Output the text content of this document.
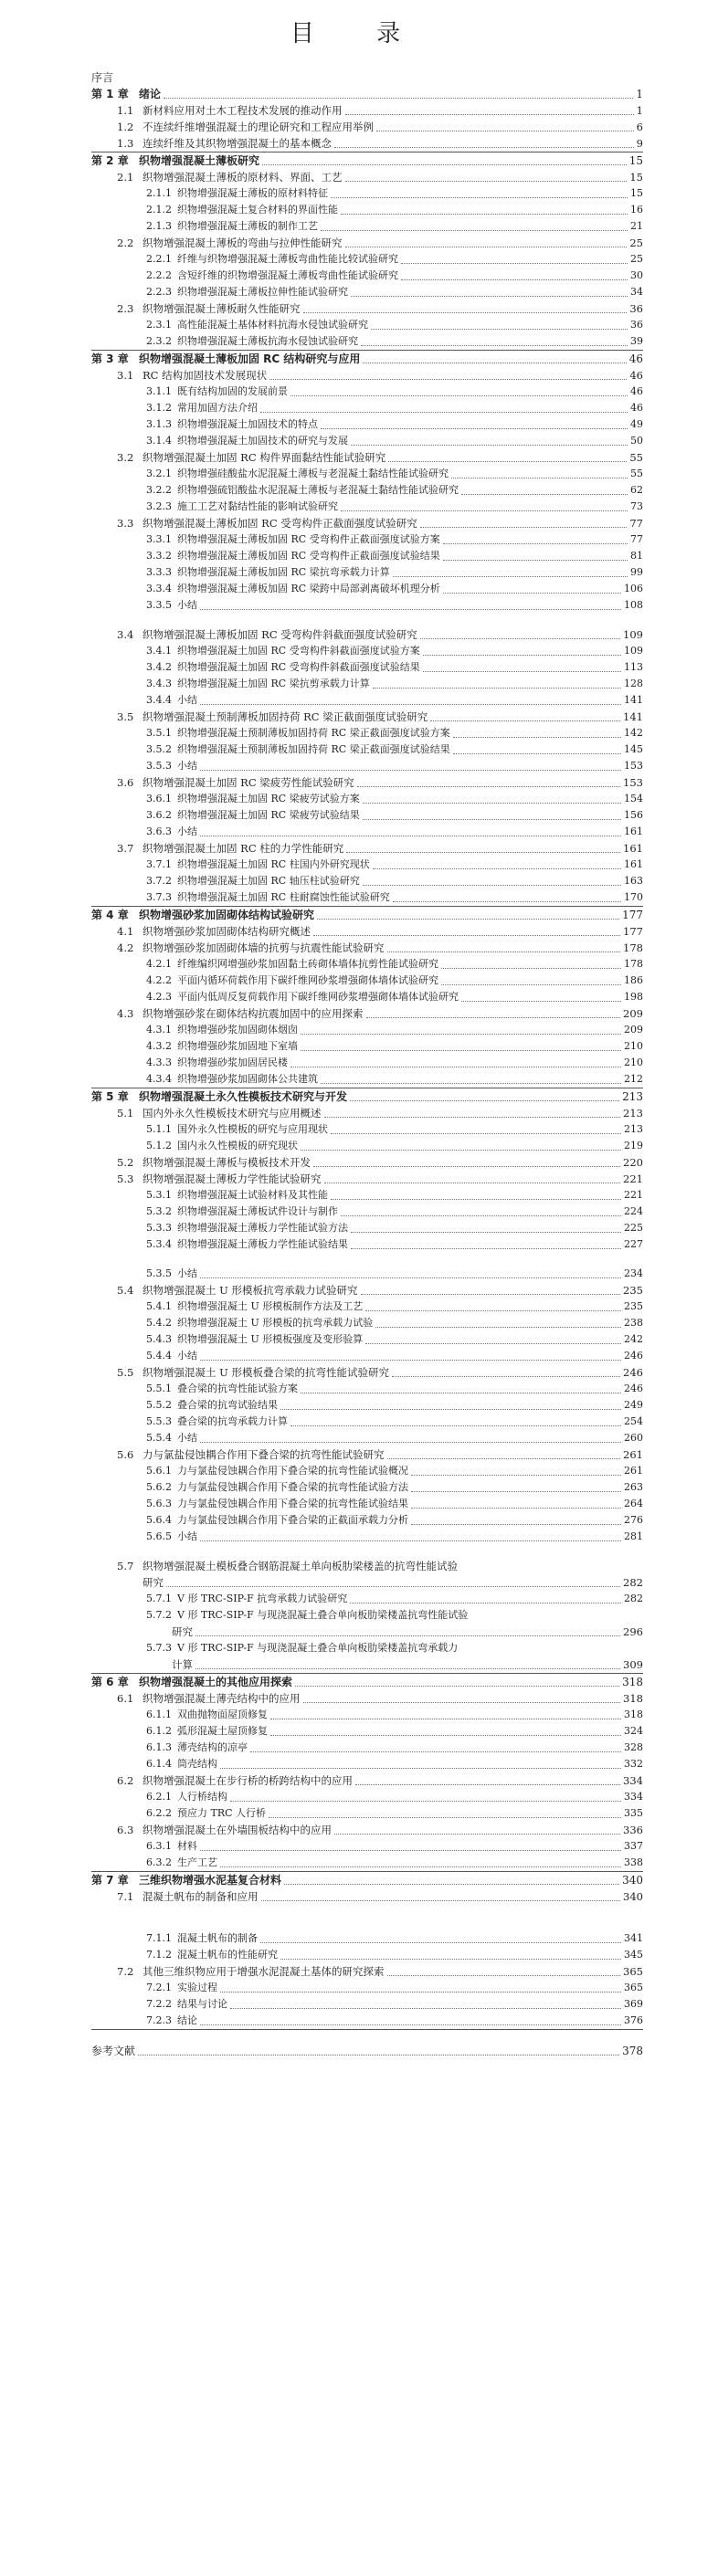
目 录
序言
第 1 章 绪论	1
1.1 新材料应用对土木工程技术发展的推动作用	1
1.2 不连续纤维增强混凝土的理论研究和工程应用举例	6
1.3 连续纤维及其织物增强混凝土的基本概念	9
第 2 章 织物增强混凝土薄板研究	15
2.1 织物增强混凝土薄板的原材料、界面、工艺	15
2.1.1 织物增强混凝土薄板的原材料特征	15
2.1.2 织物增强混凝土复合材料的界面性能	16
2.1.3 织物增强混凝土薄板的制作工艺	21
2.2 织物增强混凝土薄板的弯曲与拉伸性能研究	25
2.2.1 纤维与织物增强混凝土薄板弯曲性能比较试验研究	25
2.2.2 含短纤维的织物增强混凝土薄板弯曲性能试验研究	30
2.2.3 织物增强混凝土薄板拉伸性能试验研究	34
2.3 织物增强混凝土薄板耐久性能研究	36
2.3.1 高性能混凝土基体材料抗海水侵蚀试验研究	36
2.3.2 织物增强混凝土薄板抗海水侵蚀试验研究	39
第 3 章 织物增强混凝土薄板加固 RC 结构研究与应用	46
3.1 RC 结构加固技术发展现状	46
3.1.1 既有结构加固的发展前景	46
3.1.2 常用加固方法介绍	46
3.1.3 织物增强混凝土加固技术的特点	49
3.1.4 织物增强混凝土加固技术的研究与发展	50
3.2 织物增强混凝土加固 RC 构件界面黏结性能试验研究	55
3.2.1 织物增强硅酸盐水泥混凝土薄板与老混凝土黏结性能试验研究	55
3.2.2 织物增强硫铝酸盐水泥混凝土薄板与老混凝土黏结性能试验研究	62
3.2.3 施工工艺对黏结性能的影响试验研究	73
3.3 织物增强混凝土薄板加固 RC 受弯构件正截面强度试验研究	77
3.3.1 织物增强混凝土薄板加固 RC 受弯构件正截面强度试验方案	77
3.3.2 织物增强混凝土薄板加固 RC 受弯构件正截面强度试验结果	81
3.3.3 织物增强混凝土薄板加固 RC 梁抗弯承载力计算	99
3.3.4 织物增强混凝土薄板加固 RC 梁跨中局部剥离破坏机理分析	106
3.3.5 小结	108
3.4 织物增强混凝土薄板加固 RC 受弯构件斜截面强度试验研究	109
3.4.1 织物增强混凝土加固 RC 受弯构件斜截面强度试验方案	109
3.4.2 织物增强混凝土加固 RC 受弯构件斜截面强度试验结果	113
3.4.3 织物增强混凝土加固 RC 梁抗剪承载力计算	128
3.4.4 小结	141
3.5 织物增强混凝土预制薄板加固持荷 RC 梁正截面强度试验研究	141
3.5.1 织物增强混凝土预制薄板加固持荷 RC 梁正截面强度试验方案	142
3.5.2 织物增强混凝土预制薄板加固持荷 RC 梁正截面强度试验结果	145
3.5.3 小结	153
3.6 织物增强混凝土加固 RC 梁疲劳性能试验研究	153
3.6.1 织物增强混凝土加固 RC 梁疲劳试验方案	154
3.6.2 织物增强混凝土加固 RC 梁疲劳试验结果	156
3.6.3 小结	161
3.7 织物增强混凝土加固 RC 柱的力学性能研究	161
3.7.1 织物增强混凝土加固 RC 柱国内外研究现状	161
3.7.2 织物增强混凝土加固 RC 轴压柱试验研究	163
3.7.3 织物增强混凝土加固 RC 柱耐腐蚀性能试验研究	170
第 4 章 织物增强砂浆加固砌体结构试验研究	177
4.1 织物增强砂浆加固砌体结构研究概述	177
4.2 织物增强砂浆加固砌体墙的抗剪与抗震性能试验研究	178
4.2.1 纤维编织网增强砂浆加固黏土砖砌体墙体抗剪性能试验研究	178
4.2.2 平面内循环荷载作用下碳纤维网砂浆增强砌体墙体试验研究	186
4.2.3 平面内低周反复荷载作用下碳纤维网砂浆增强砌体墙体试验研究	198
4.3 织物增强砂浆在砌体结构抗震加固中的应用探索	209
4.3.1 织物增强砂浆加固砌体烟囱	209
4.3.2 织物增强砂浆加固地下室墙	210
4.3.3 织物增强砂浆加固居民楼	210
4.3.4 织物增强砂浆加固砌体公共建筑	212
第 5 章 织物增强混凝土永久性模板技术研究与开发	213
5.1 国内外永久性模板技术研究与应用概述	213
5.1.1 国外永久性模板的研究与应用现状	213
5.1.2 国内永久性模板的研究现状	219
5.2 织物增强混凝土薄板与模板技术开发	220
5.3 织物增强混凝土薄板力学性能试验研究	221
5.3.1 织物增强混凝土试验材料及其性能	221
5.3.2 织物增强混凝土薄板试件设计与制作	224
5.3.3 织物增强混凝土薄板力学性能试验方法	225
5.3.4 织物增强混凝土薄板力学性能试验结果	227
5.3.5 小结	234
5.4 织物增强混凝土 U 形模板抗弯承载力试验研究	235
5.4.1 织物增强混凝土 U 形模板制作方法及工艺	235
5.4.2 织物增强混凝土 U 形模板的抗弯承载力试验	238
5.4.3 织物增强混凝土 U 形模板强度及变形验算	242
5.4.4 小结	246
5.5 织物增强混凝土 U 形模板叠合梁的抗弯性能试验研究	246
5.5.1 叠合梁的抗弯性能试验方案	246
5.5.2 叠合梁的抗弯试验结果	249
5.5.3 叠合梁的抗弯承载力计算	254
5.5.4 小结	260
5.6 力与氯盐侵蚀耦合作用下叠合梁的抗弯性能试验研究	261
5.6.1 力与氯盐侵蚀耦合作用下叠合梁的抗弯性能试验概况	261
5.6.2 力与氯盐侵蚀耦合作用下叠合梁的抗弯性能试验方法	263
5.6.3 力与氯盐侵蚀耦合作用下叠合梁的抗弯性能试验结果	264
5.6.4 力与氯盐侵蚀耦合作用下叠合梁的正截面承载力分析	276
5.6.5 小结	281
5.7 织物增强混凝土模板叠合钢筋混凝土单向板肋梁楼盖的抗弯性能试验
研究	282
5.7.1 V 形 TRC-SIP-F 抗弯承载力试验研究	282
5.7.2 V 形 TRC-SIP-F 与现浇混凝土叠合单向板肋梁楼盖抗弯性能试验
研究	296
5.7.3 V 形 TRC-SIP-F 与现浇混凝土叠合单向板肋梁楼盖抗弯承载力
计算	309
第 6 章 织物增强混凝土的其他应用探索	318
6.1 织物增强混凝土薄壳结构中的应用	318
6.1.1 双曲抛物面屋顶修复	318
6.1.2 弧形混凝土屋顶修复	324
6.1.3 薄壳结构的凉亭	328
6.1.4 筒壳结构	332
6.2 织物增强混凝土在步行桥的桥跨结构中的应用	334
6.2.1 人行桥结构	334
6.2.2 预应力 TRC 人行桥	335
6.3 织物增强混凝土在外墙围板结构中的应用	336
6.3.1 材料	337
6.3.2 生产工艺	338
第 7 章 三维织物增强水泥基复合材料	340
7.1 混凝土帆布的制备和应用	340
7.1.1 混凝土帆布的制备	341
7.1.2 混凝土帆布的性能研究	345
7.2 其他三维织物应用于增强水泥混凝土基体的研究探索	365
7.2.1 实验过程	365
7.2.2 结果与讨论	369
7.2.3 结论	376
参考文献	378
